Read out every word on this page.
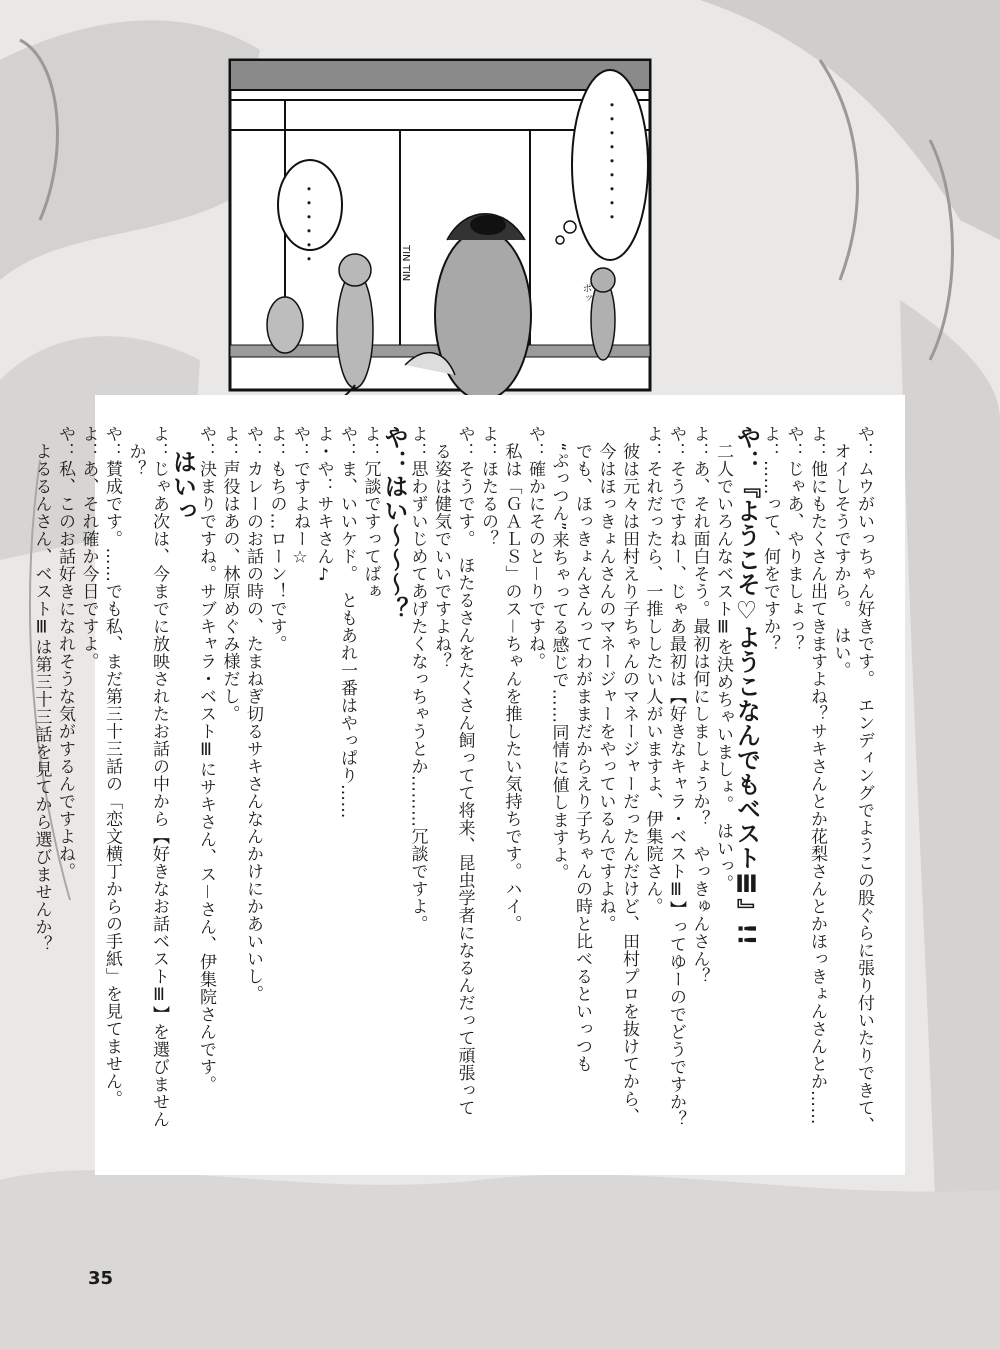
・・・・・・	・・・・・・・・・
TIN TIN
ポッ
や：ムウがいっちゃん好きです。　エンディングでようこの股ぐらに張り付いたりできて、
　オイしそうですから。　はい。
よ：他にもたくさん出てきますよね？サキさんとか花梨さんとかほっきょんさんとか……
や：じゃあ、やりましょっ？
よ：……って、何をですか？
や：『ようこそ♡ようこなんでもベストⅢ』!!
　二人でいろんなベストⅢを決めちゃいましょ。　はいっ。
よ：あ、それ面白そう。最初は何にしましょうか？　やっきゅんさん？
や：そうですねー、じゃあ最初は【好きなキャラ・ベストⅢ】ってゆーのでどうですか？
よ：それだったら、一推ししたい人がいますよ、伊集院さん。
　彼は元々は田村えり子ちゃんのマネージャーだったんだけど、田村プロを抜けてから、
　今はほっきょんさんのマネージャーをやっているんですよね。
　でも、ほっきょんさんってわがままだからえり子ちゃんの時と比べるといっつも
　“ぷっつん”来ちゃってる感じで……同情に値しますよ。
や：確かにそのと－りですね。
　私は「ＧＡＬＳ」のス－ちゃんを推したい気持ちです。ハイ。
よ：ほたるの？
や：そうです。　ほたるさんをたくさん飼ってて将来、昆虫学者になるんだって頑張って
　る姿は健気でいいですよね？
よ：思わずいじめてあげたくなっちゃうとか………冗談ですよ。
や：はい～～～？
よ：冗談ですってばぁ
や：ま、いいケド。　ともあれ一番はやっぱり……
よ・や：サキさん♪
や：ですよねー☆
よ：もちの…ローン！です。
や：カレーのお話の時の、たまねぎ切るサキさんなんかけにかあいいし。
よ：声役はあの、林原めぐみ様だし。
や：決まりですね。サブキャラ・ベストⅢにサキさん、ス－さん、伊集院さんです。
　はいっ
よ：じゃあ次は、今までに放映されたお話の中から【好きなお話ベストⅢ】を選びません
　か？
や：賛成です。……でも私、まだ第三十三話の「恋文横丁からの手紙」を見てません。
よ：あ、それ確か今日ですよ。
や：私、このお話好きになれそうな気がするんですよね。
　よるるんさん、ベストⅢは第三十三話を見てから選びませんか？
35
